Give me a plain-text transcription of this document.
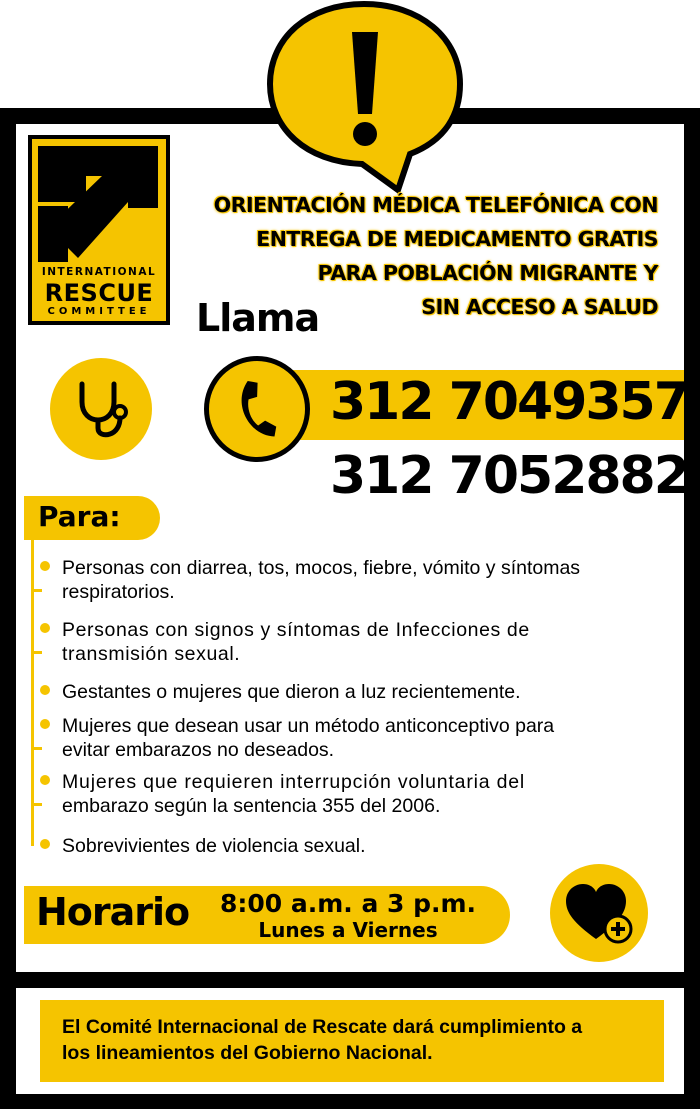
INTERNATIONAL
RESCUE
COMMITTEE
ORIENTACIÓN MÉDICA TELEFÓNICA CON
ENTREGA DE MEDICAMENTO GRATIS
PARA POBLACIÓN MIGRANTE Y
SIN ACCESO A SALUD
Llama
312 7049357
312 7052882
Para:
Personas con diarrea, tos, mocos, fiebre, vómito y síntomas
respiratorios.
Personas con signos y síntomas de Infecciones de
transmisión sexual.
Gestantes o mujeres que dieron a luz recientemente.
Mujeres que desean usar un método anticonceptivo para
evitar embarazos no deseados.
Mujeres que requieren interrupción voluntaria del
embarazo según la sentencia 355 del 2006.
Sobrevivientes de violencia sexual.
Horario 8:00 a.m. a 3 p.m.
Lunes a Viernes
El Comité Internacional de Rescate dará cumplimiento a
los lineamientos del Gobierno Nacional.
